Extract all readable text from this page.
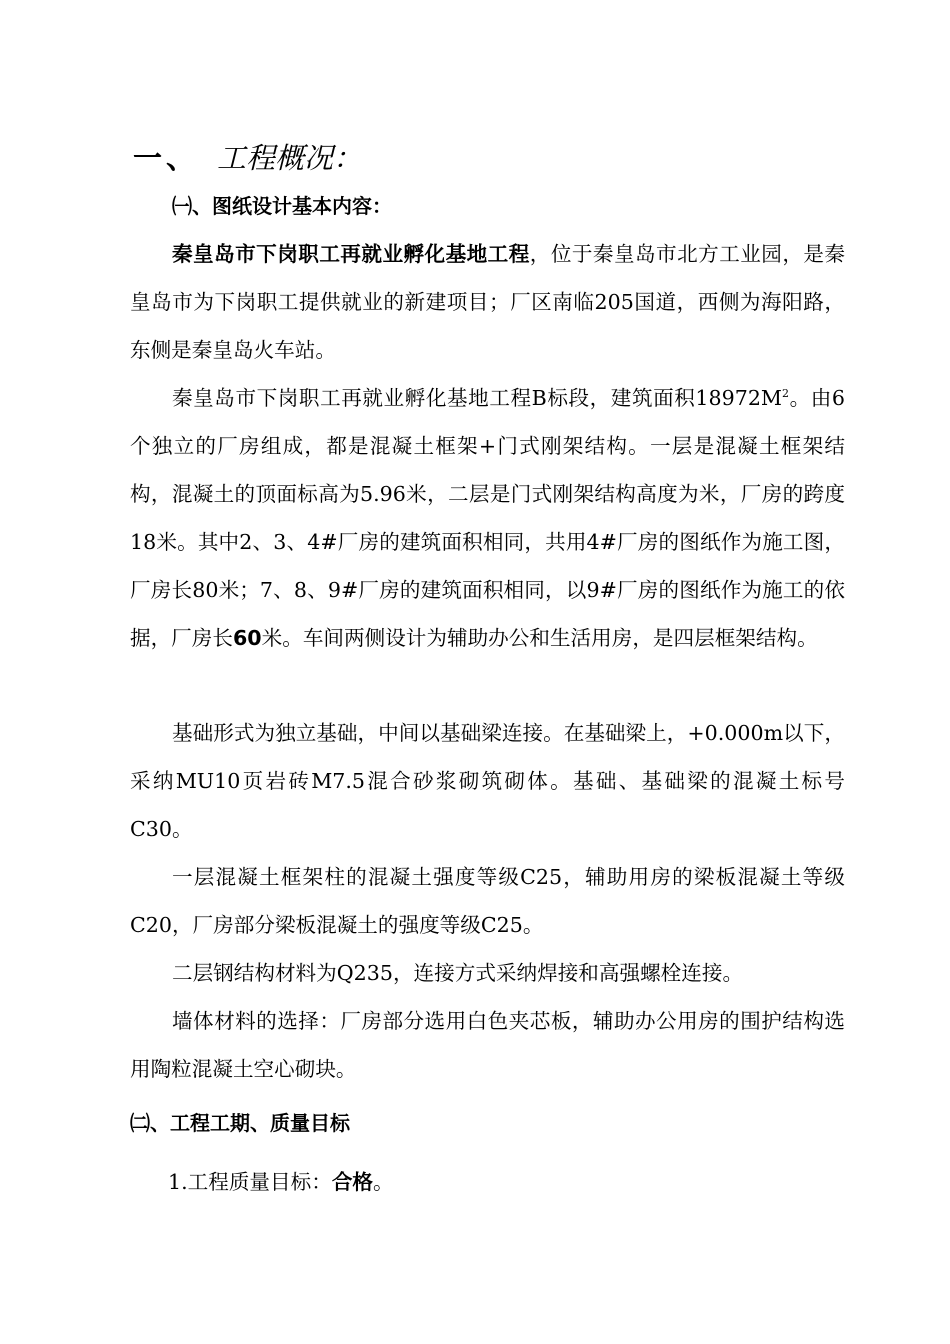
一、 工程概况：
㈠、图纸设计基本内容：

秦皇岛市下岗职工再就业孵化基地工程，位于秦皇岛市北方工业园，是秦皇岛市为下岗职工提供就业的新建项目；厂区南临205国道，西侧为海阳路，东侧是秦皇岛火车站。

秦皇岛市下岗职工再就业孵化基地工程B标段，建筑面积$18972M^2$。由6个独立的厂房组成，都是混凝土框架+门式刚架结构。一层是混凝土框架结构，混凝土的顶面标高为5.96米，二层是门式刚架结构高度为米，厂房的跨度18米。其中2、3、4#厂房的建筑面积相同，共用4#厂房的图纸作为施工图，厂房长80米；7、8、9#厂房的建筑面积相同，以9#厂房的图纸作为施工的依据，厂房长60米。车间两侧设计为辅助办公和生活用房，是四层框架结构。

基础形式为独立基础，中间以基础梁连接。在基础梁上，+0.000m以下，采纳MU10页岩砖M7.5混合砂浆砌筑砌体。基础、基础梁的混凝土标号C30。

一层混凝土框架柱的混凝土强度等级C25，辅助用房的梁板混凝土等级C20，厂房部分梁板混凝土的强度等级C25。

二层钢结构材料为Q235，连接方式采纳焊接和高强螺栓连接。

墙体材料的选择：厂房部分选用白色夹芯板，辅助办公用房的围护结构选用陶粒混凝土空心砌块。

㈡、工程工期、质量目标
1.工程质量目标：合格。
